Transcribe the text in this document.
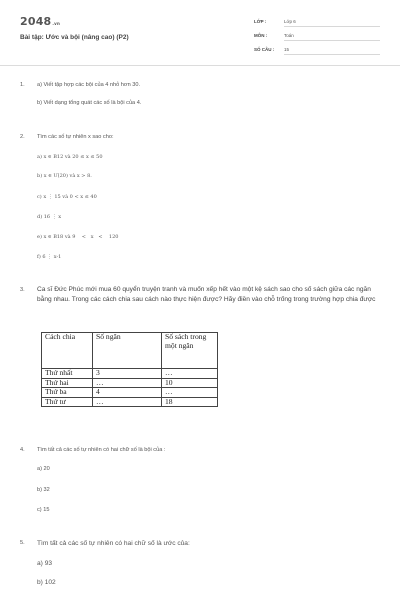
2048.vn
Bài tập: Ước và bội (nâng cao) (P2)
LỚP :	Lớp 6
MÔN :	Toán
SỐ CÂU : 15
1. a) Viết tập hợp các bội của 4 nhỏ hơn 30.
b) Viết dạng tổng quát các số là bội của 4.
2. Tìm các số tự nhiên x sao cho:
a) x ∈ B12 và 20 ≤ x ≤ 50
b) x ∈ Ư(20) và x > 8.
c) x ⋮ 15 và 0 < x ≤ 40
d) 16 ⋮ x
e) x ∈ B18 và 9 < x < 120
f) 6 ⋮ x-1
3. Ca sĩ Đức Phúc mới mua 60 quyển truyện tranh và muốn xếp hết vào một kệ sách sao cho số sách giữa các ngăn bằng nhau. Trong các cách chia sau cách nào thực hiện được? Hãy điền vào chỗ trống trong trường hợp chia được
Cách chia	Số ngăn	Số sách trong một ngăn
Thứ nhất	3	…
Thứ hai	…	10
Thứ ba	4	…
Thứ tư	…	18
4. Tìm tất cả các số tự nhiên có hai chữ số là bội của :
a) 20
b) 32
c) 15
5. Tìm tất cả các số tự nhiên có hai chữ số là ước của:
a) 93
b) 102
